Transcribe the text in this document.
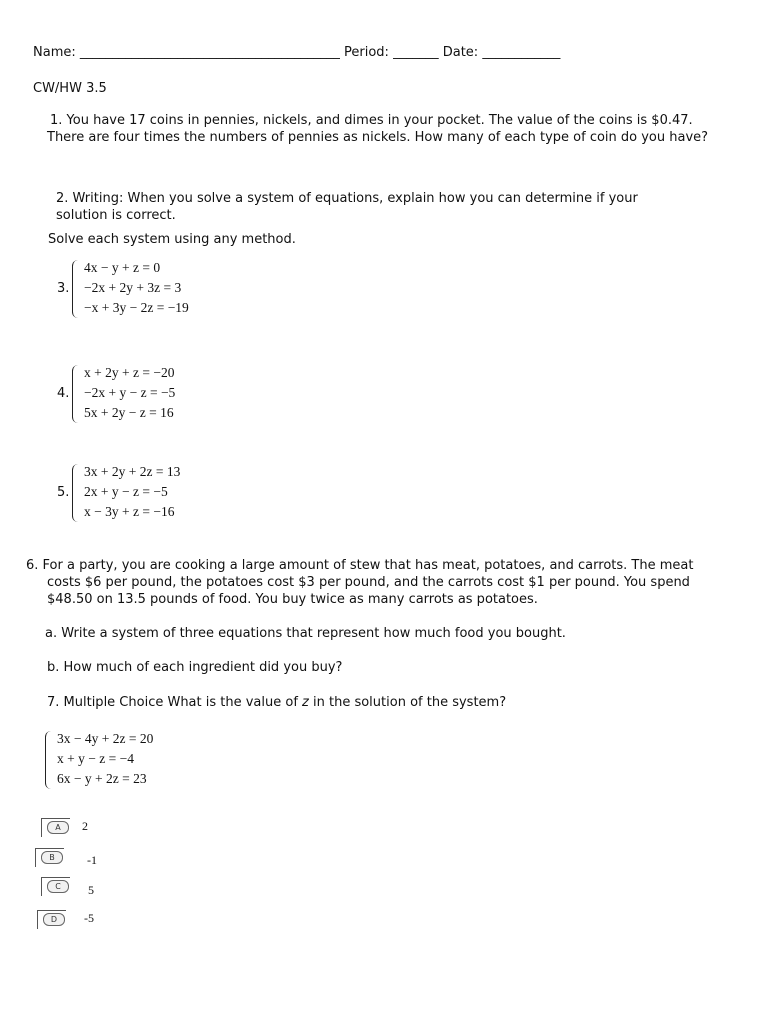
Name: ________________________________________ Period: _______ Date: ____________
CW/HW 3.5
1. You have 17 coins in pennies, nickels, and dimes in your pocket. The value of the coins is $0.47.
There are four times the numbers of pennies as nickels. How many of each type of coin do you have?
2. Writing: When you solve a system of equations, explain how you can determine if your
solution is correct.
Solve each system using any method.
3.
4x − y + z = 0
−2x + 2y + 3z = 3
−x + 3y − 2z = −19
4.
x + 2y + z = −20
−2x + y − z = −5
5x + 2y − z = 16
5.
3x + 2y + 2z = 13
2x + y − z = −5
x − 3y + z = −16
6. For a party, you are cooking a large amount of stew that has meat, potatoes, and carrots. The meat
costs $6 per pound, the potatoes cost $3 per pound, and the carrots cost $1 per pound. You spend
$48.50 on 13.5 pounds of food. You buy twice as many carrots as potatoes.
a. Write a system of three equations that represent how much food you bought.
b. How much of each ingredient did you buy?
7. Multiple Choice What is the value of z in the solution of the system?
3x − 4y + 2z = 20
x + y − z = −4
6x − y + 2z = 23
A	2
B	-1
C	5
D	-5
